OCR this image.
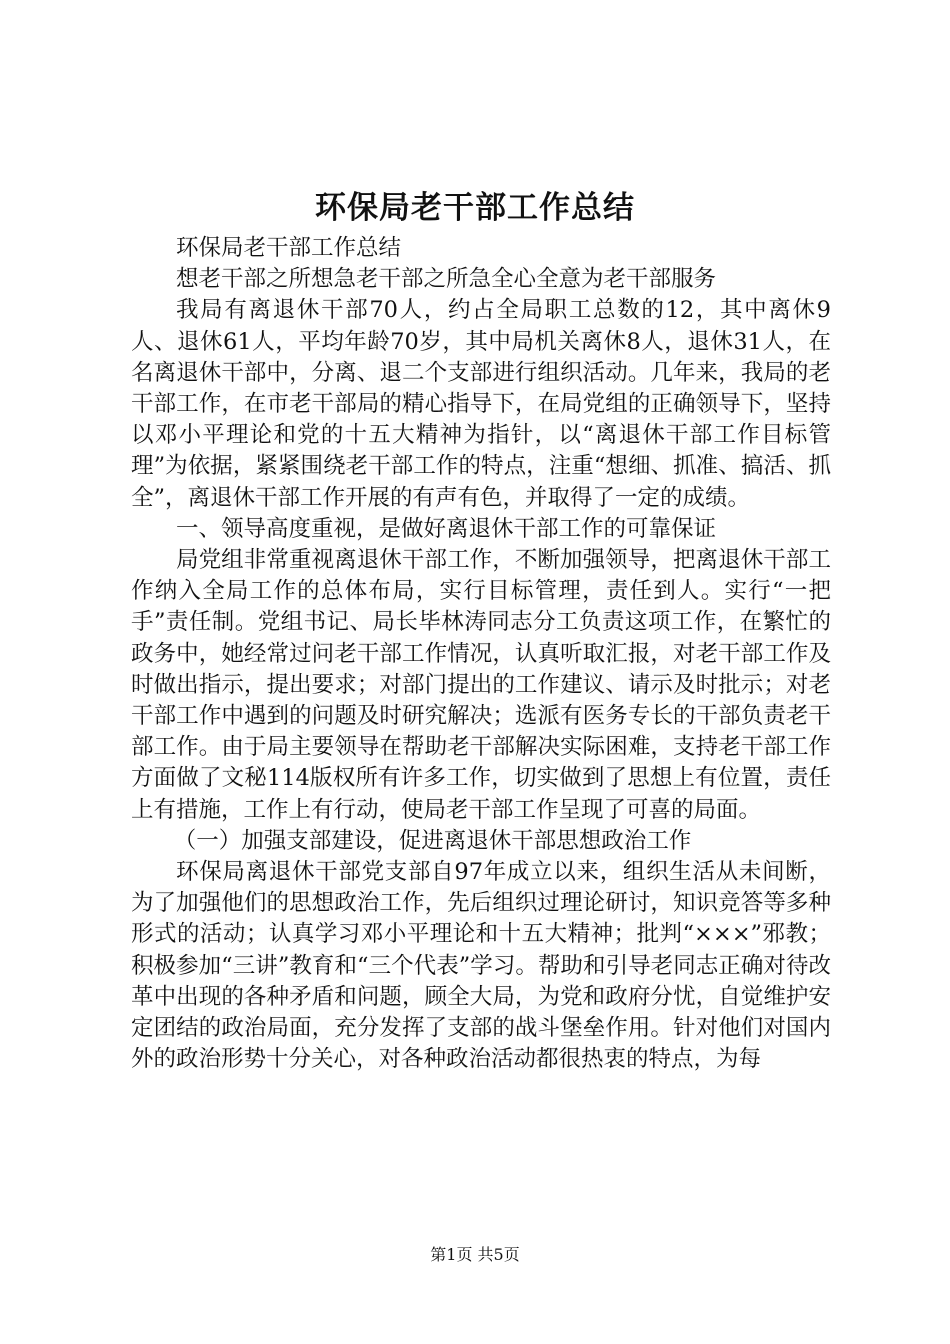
环保局老干部工作总结

环保局老干部工作总结

想老干部之所想急老干部之所急全心全意为老干部服务

我局有离退休干部70人，约占全局职工总数的12，其中离休9人、退休61人，平均年龄70岁，其中局机关离休8人，退休31人，在名离退休干部中，分离、退二个支部进行组织活动。几年来，我局的老干部工作，在市老干部局的精心指导下，在局党组的正确领导下，坚持以邓小平理论和党的十五大精神为指针，以“离退休干部工作目标管理”为依据，紧紧围绕老干部工作的特点，注重“想细、抓准、搞活、抓全”，离退休干部工作开展的有声有色，并取得了一定的成绩。

一、领导高度重视，是做好离退休干部工作的可靠保证

局党组非常重视离退休干部工作，不断加强领导，把离退休干部工作纳入全局工作的总体布局，实行目标管理，责任到人。实行“一把手”责任制。党组书记、局长毕林涛同志分工负责这项工作，在繁忙的政务中，她经常过问老干部工作情况，认真听取汇报，对老干部工作及时做出指示，提出要求；对部门提出的工作建议、请示及时批示；对老干部工作中遇到的问题及时研究解决；选派有医务专长的干部负责老干部工作。由于局主要领导在帮助老干部解决实际困难，支持老干部工作方面做了文秘114版权所有许多工作，切实做到了思想上有位置，责任上有措施，工作上有行动，使局老干部工作呈现了可喜的局面。

（一）加强支部建设，促进离退休干部思想政治工作

环保局离退休干部党支部自97年成立以来，组织生活从未间断，为了加强他们的思想政治工作，先后组织过理论研讨，知识竞答等多种形式的活动；认真学习邓小平理论和十五大精神；批判“×××”邪教；积极参加“三讲”教育和“三个代表”学习。帮助和引导老同志正确对待改革中出现的各种矛盾和问题，顾全大局，为党和政府分忧，自觉维护安定团结的政治局面，充分发挥了支部的战斗堡垒作用。针对他们对国内外的政治形势十分关心，对各种政治活动都很热衷的特点，为每

第1页 共5页
